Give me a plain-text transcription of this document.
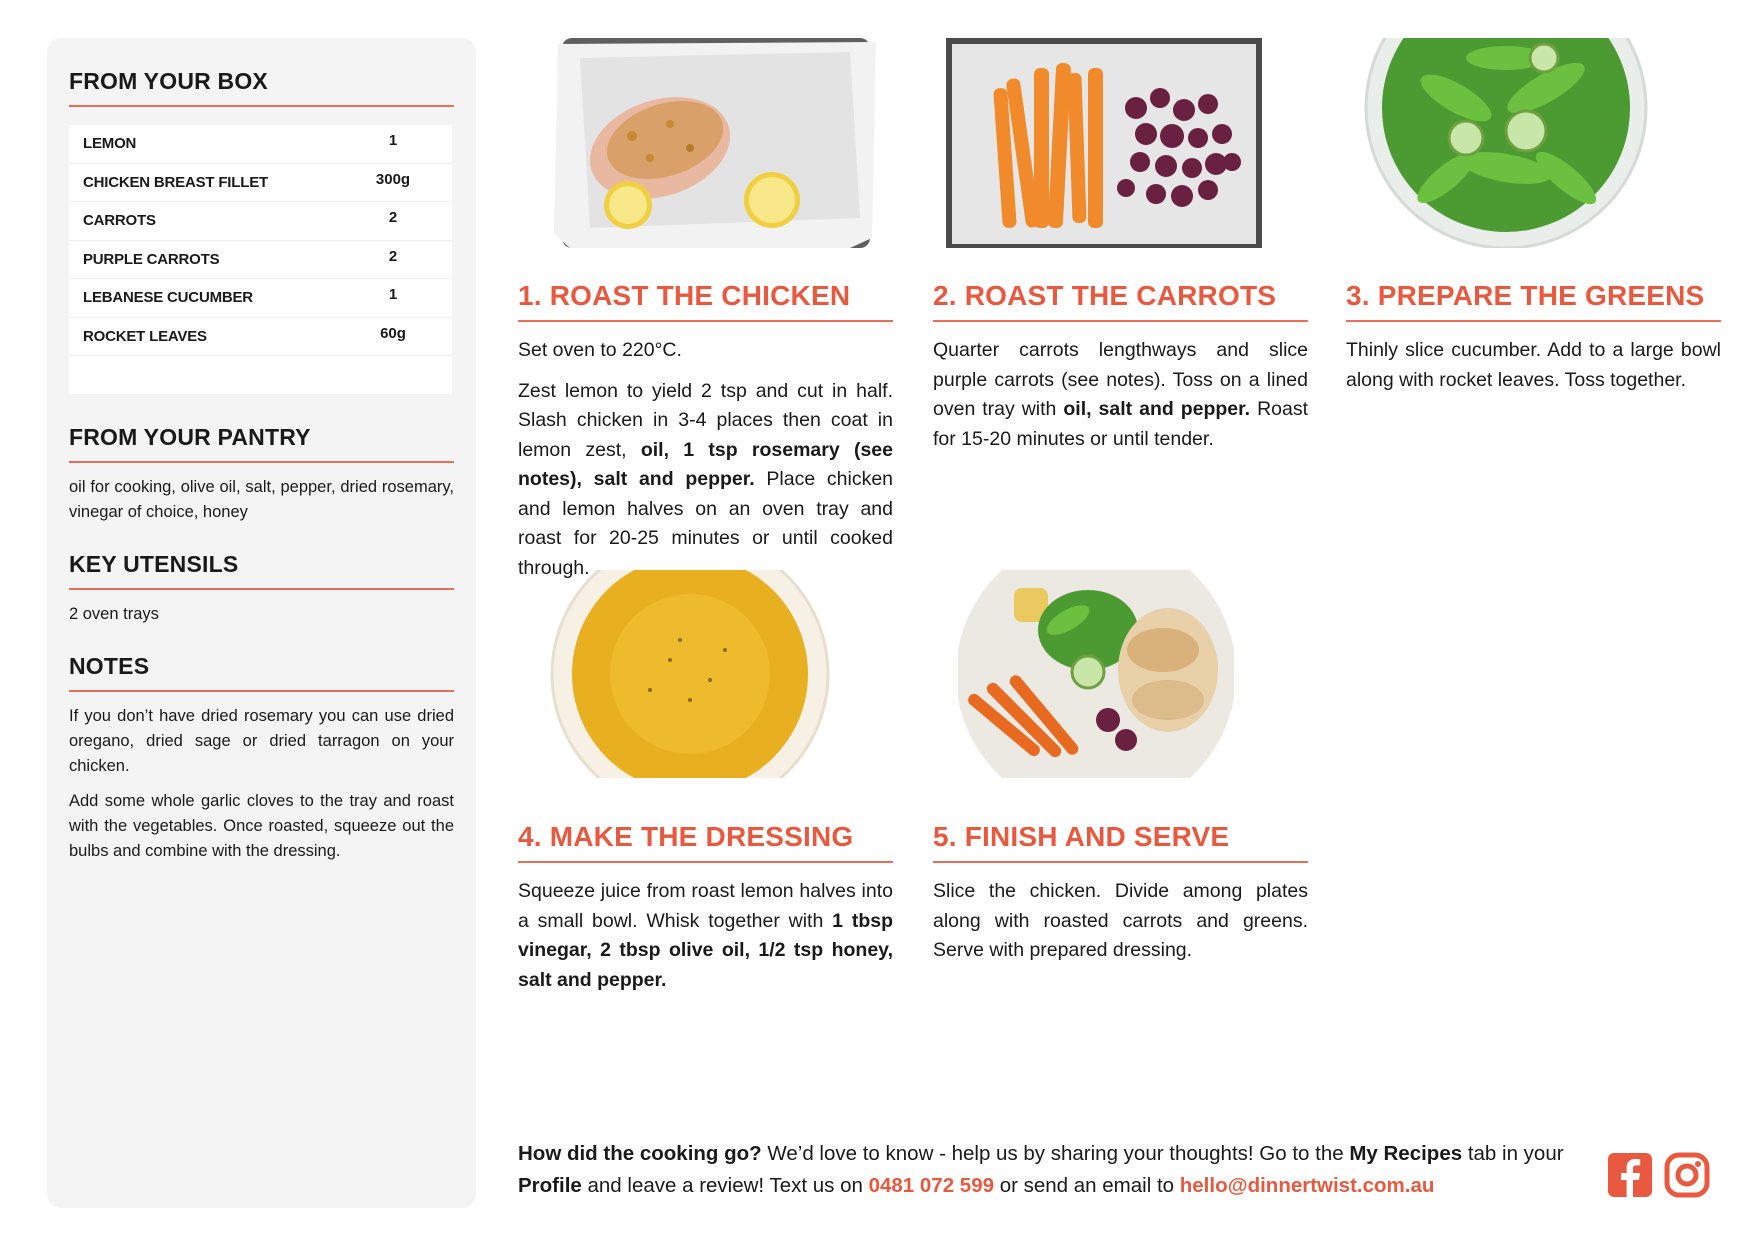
FROM YOUR BOX
LEMON	1
CHICKEN BREAST FILLET	300g
CARROTS	2
PURPLE CARROTS	2
LEBANESE CUCUMBER	1
ROCKET LEAVES	60g
FROM YOUR PANTRY

oil for cooking, olive oil, salt, pepper, dried rosemary, vinegar of choice, honey

KEY UTENSILS

2 oven trays

NOTES

If you don’t have dried rosemary you can use dried oregano, dried sage or dried tarragon on your chicken.

Add some whole garlic cloves to the tray and roast with the vegetables. Once roasted, squeeze out the bulbs and combine with the dressing.

1. ROAST THE CHICKEN

Set oven to 220°C.

Zest lemon to yield 2 tsp and cut in half. Slash chicken in 3-4 places then coat in lemon zest, oil, 1 tsp rosemary (see notes), salt and pepper. Place chicken and lemon halves on an oven tray and roast for 20-25 minutes or until cooked through.

2. ROAST THE CARROTS

Quarter carrots lengthways and slice purple carrots (see notes). Toss on a lined oven tray with oil, salt and pepper. Roast for 15-20 minutes or until tender.

3. PREPARE THE GREENS

Thinly slice cucumber. Add to a large bowl along with rocket leaves. Toss together.

4. MAKE THE DRESSING

Squeeze juice from roast lemon halves into a small bowl. Whisk together with 1 tbsp vinegar, 2 tbsp olive oil, 1/2 tsp honey, salt and pepper.

5. FINISH AND SERVE

Slice the chicken. Divide among plates along with roasted carrots and greens. Serve with prepared dressing.

How did the cooking go? We’d love to know - help us by sharing your thoughts! Go to the My Recipes tab in your Profile and leave a review! Text us on 0481 072 599 or send an email to hello@dinnertwist.com.au
